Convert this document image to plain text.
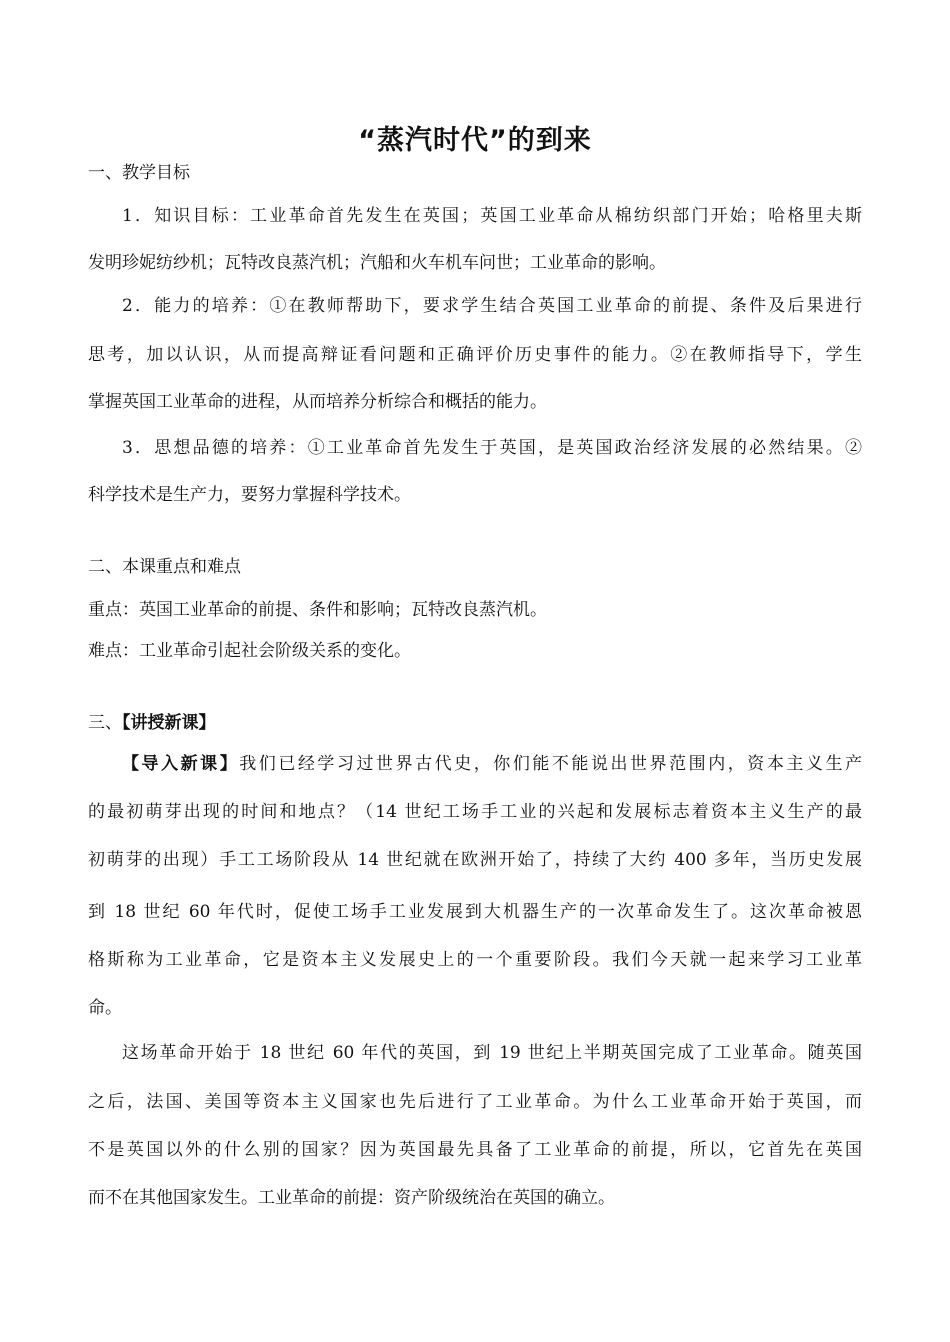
“蒸汽时代”的到来
一、教学目标
1．知识目标：工业革命首先发生在英国；英国工业革命从棉纺织部门开始；哈格里夫斯
发明珍妮纺纱机；瓦特改良蒸汽机；汽船和火车机车问世；工业革命的影响。
2．能力的培养：①在教师帮助下，要求学生结合英国工业革命的前提、条件及后果进行
思考，加以认识，从而提高辩证看问题和正确评价历史事件的能力。②在教师指导下，学生
掌握英国工业革命的进程，从而培养分析综合和概括的能力。
3．思想品德的培养：①工业革命首先发生于英国，是英国政治经济发展的必然结果。②
科学技术是生产力，要努力掌握科学技术。
二、本课重点和难点
重点：英国工业革命的前提、条件和影响；瓦特改良蒸汽机。
难点：工业革命引起社会阶级关系的变化。
三、【讲授新课】
【导入新课】我们已经学习过世界古代史，你们能不能说出世界范围内，资本主义生产
的最初萌芽出现的时间和地点？（14 世纪工场手工业的兴起和发展标志着资本主义生产的最
初萌芽的出现）手工工场阶段从 14 世纪就在欧洲开始了，持续了大约 400 多年，当历史发展
到 18 世纪 60 年代时，促使工场手工业发展到大机器生产的一次革命发生了。这次革命被恩
格斯称为工业革命，它是资本主义发展史上的一个重要阶段。我们今天就一起来学习工业革
命。
这场革命开始于 18 世纪 60 年代的英国，到 19 世纪上半期英国完成了工业革命。随英国
之后，法国、美国等资本主义国家也先后进行了工业革命。为什么工业革命开始于英国，而
不是英国以外的什么别的国家？因为英国最先具备了工业革命的前提，所以，它首先在英国
而不在其他国家发生。工业革命的前提：资产阶级统治在英国的确立。
